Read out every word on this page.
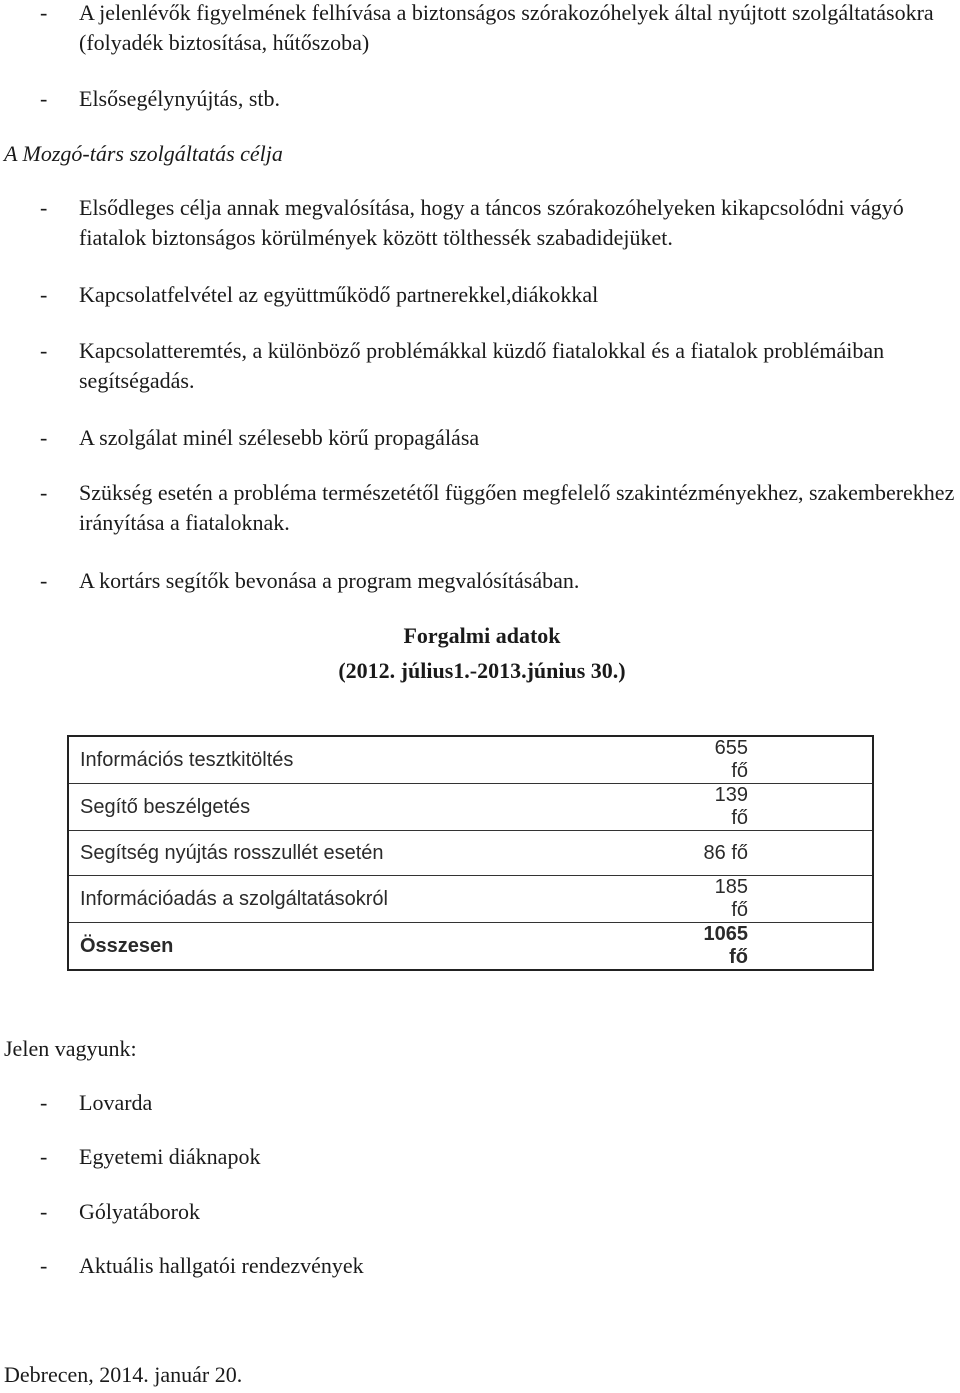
- A jelenlévők figyelmének felhívása a biztonságos szórakozóhelyek által nyújtott szolgáltatásokra (folyadék biztosítása, hűtőszoba)
- Elsősegélynyújtás, stb.
A Mozgó-társ szolgáltatás célja
- Elsődleges célja annak megvalósítása, hogy a táncos szórakozóhelyeken kikapcsolódni vágyó fiatalok biztonságos körülmények között tölthessék szabadidejüket.
- Kapcsolatfelvétel az együttműködő partnerekkel,diákokkal
- Kapcsolatteremtés, a különböző problémákkal küzdő fiatalokkal és a fiatalok problémáiban segítségadás.
- A szolgálat minél szélesebb körű propagálása
- Szükség esetén a probléma természetétől függően megfelelő szakintézményekhez, szakemberekhez irányítása a fiataloknak.
- A kortárs segítők bevonása a program megvalósításában.
Forgalmi adatok
(2012. július1.-2013.június 30.)
Információs tesztkitöltés	655 fő
Segítő beszélgetés	139 fő
Segítség nyújtás rosszullét esetén	86 fő
Információadás a szolgáltatásokról	185 fő
Összesen	1065 fő
Jelen vagyunk:
- Lovarda
- Egyetemi diáknapok
- Gólyatáborok
- Aktuális hallgatói rendezvények
Debrecen, 2014. január 20.
